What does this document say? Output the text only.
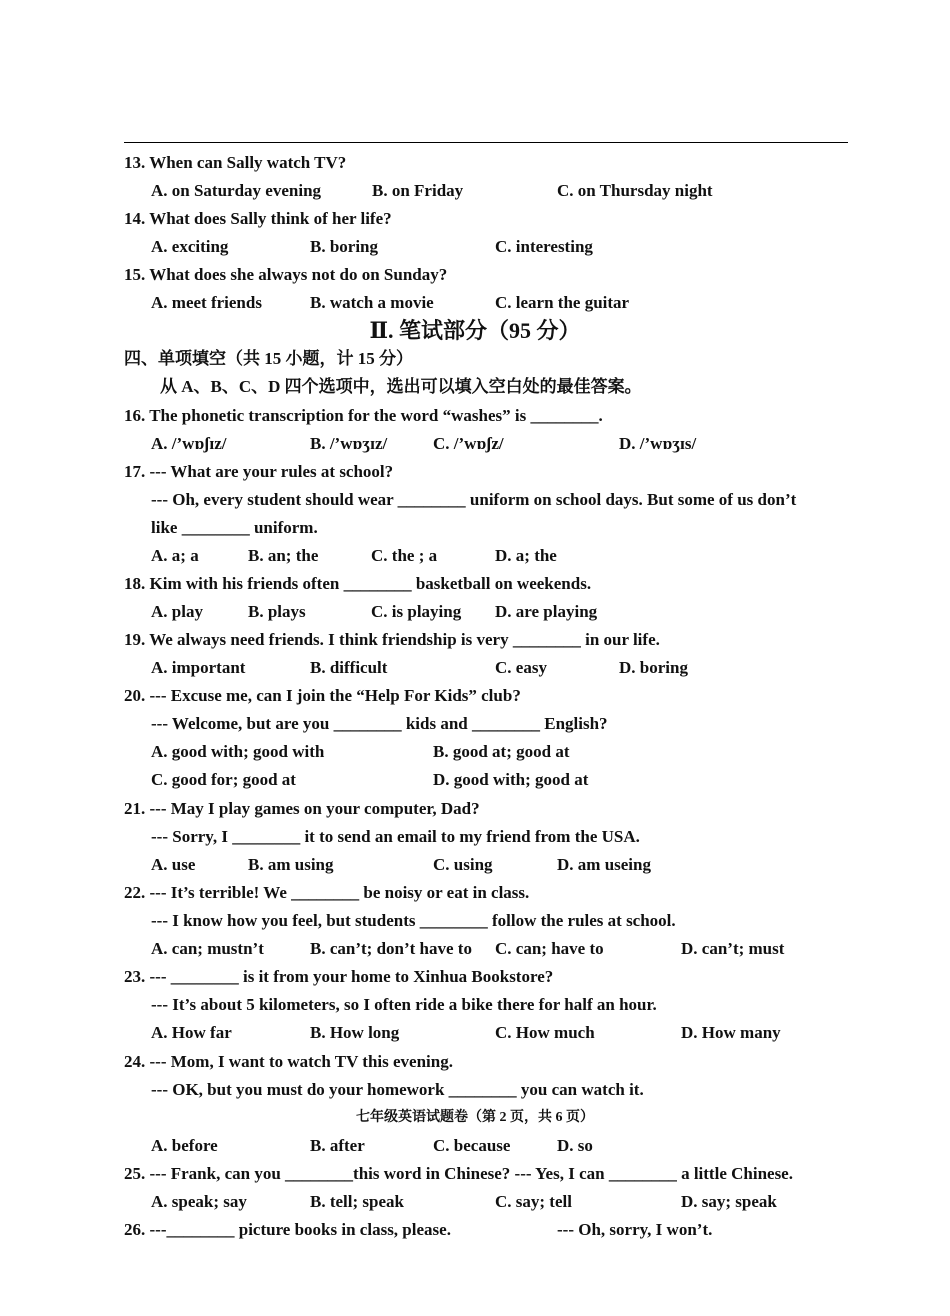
13. When can Sally watch TV?
A. on Saturday evening	B. on Friday	C. on Thursday night
14. What does Sally think of her life?
A. exciting	B. boring	C. interesting
15. What does she always not do on Sunday?
A. meet friends	B. watch a movie	C. learn the guitar
Ⅱ. 笔试部分（95 分）
四、单项填空（共 15 小题，计 15 分）
从 A、B、C、D 四个选项中，选出可以填入空白处的最佳答案。
16. The phonetic transcription for the word “washes” is ________.
A. /’wɒʃɪz/	B. /’wɒʒɪz/	C. /’wɒʃz/	D. /’wɒʒɪs/
17. --- What are your rules at school?
--- Oh, every student should wear ________ uniform on school days. But some of us don’t
like ________ uniform.
A. a; a	B. an; the	C. the ; a	D. a; the
18. Kim with his friends often ________ basketball on weekends.
A. play	B. plays	C. is playing D. are playing
19. We always need friends. I think friendship is very ________ in our life.
A. important	B. difficult	C. easy	D. boring
20. --- Excuse me, can I join the “Help For Kids” club?
--- Welcome, but are you ________ kids and ________ English?
A. good with; good with	B. good at; good at
C. good for; good at	D. good with; good at
21. --- May I play games on your computer, Dad?
--- Sorry, I ________ it to send an email to my friend from the USA.
A. use	B. am using	C. using	D. am useing
22. --- It’s terrible! We ________ be noisy or eat in class.
--- I know how you feel, but students ________ follow the rules at school.
A. can; mustn’t	B. can’t; don’t have to C. can; have to	D. can’t; must
23. --- ________ is it from your home to Xinhua Bookstore?
--- It’s about 5 kilometers, so I often ride a bike there for half an hour.
A. How far	B. How long	C. How much	D. How many
24. --- Mom, I want to watch TV this evening.
--- OK, but you must do your homework ________ you can watch it.
七年级英语试题卷（第 2 页，共 6 页）
A. before	B. after	C. because	D. so
25. --- Frank, can you ________this word in Chinese? --- Yes, I can ________ a little Chinese.
A. speak; say	B. tell; speak	C. say; tell	D. say; speak
26. ---________ picture books in class, please.	--- Oh, sorry, I won’t.
